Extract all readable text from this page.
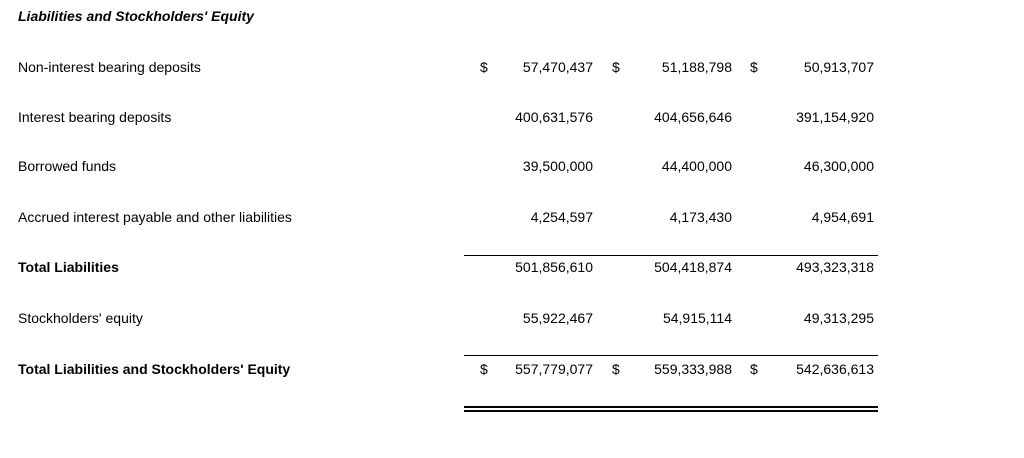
Liabilities and Stockholders' Equity
Non-interest bearing deposits	$	57,470,437 $	51,188,798 $	50,913,707
Interest bearing deposits	400,631,576	404,656,646	391,154,920
Borrowed funds	39,500,000	44,400,000	46,300,000
Accrued interest payable and other liabilities	4,254,597	4,173,430	4,954,691
Total Liabilities	501,856,610	504,418,874	493,323,318
Stockholders' equity	55,922,467	54,915,114	49,313,295
Total Liabilities and Stockholders' Equity	$	557,779,077 $	559,333,988 $	542,636,613
